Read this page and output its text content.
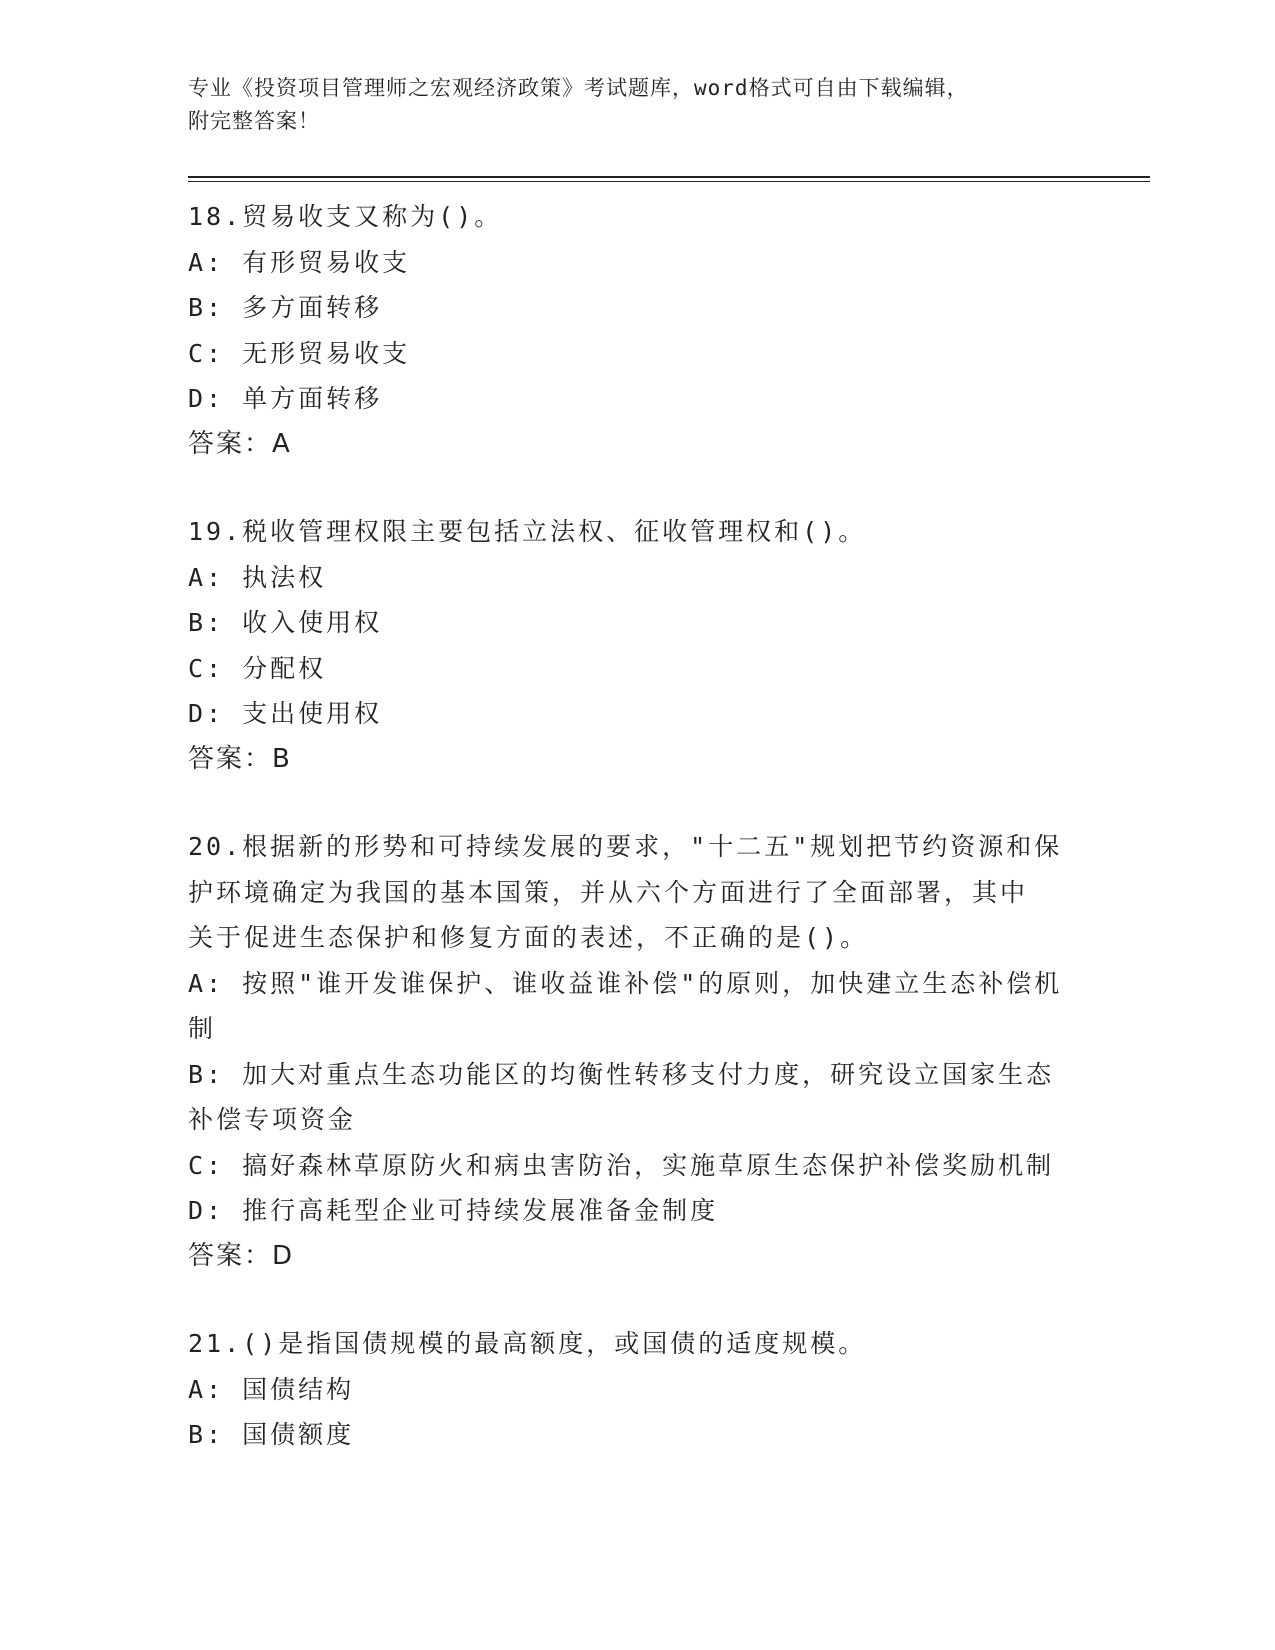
专业《投资项目管理师之宏观经济政策》考试题库，word格式可自由下载编辑，
附完整答案！
18.贸易收支又称为()。
A: 有形贸易收支
B: 多方面转移
C: 无形贸易收支
D: 单方面转移
答案：A
19.税收管理权限主要包括立法权、征收管理权和()。
A: 执法权
B: 收入使用权
C: 分配权
D: 支出使用权
答案：B
20.根据新的形势和可持续发展的要求，"十二五"规划把节约资源和保
护环境确定为我国的基本国策，并从六个方面进行了全面部署，其中
关于促进生态保护和修复方面的表述，不正确的是()。
A: 按照"谁开发谁保护、谁收益谁补偿"的原则，加快建立生态补偿机
制
B: 加大对重点生态功能区的均衡性转移支付力度，研究设立国家生态
补偿专项资金
C: 搞好森林草原防火和病虫害防治，实施草原生态保护补偿奖励机制
D: 推行高耗型企业可持续发展准备金制度
答案：D
21.()是指国债规模的最高额度，或国债的适度规模。
A: 国债结构
B: 国债额度
